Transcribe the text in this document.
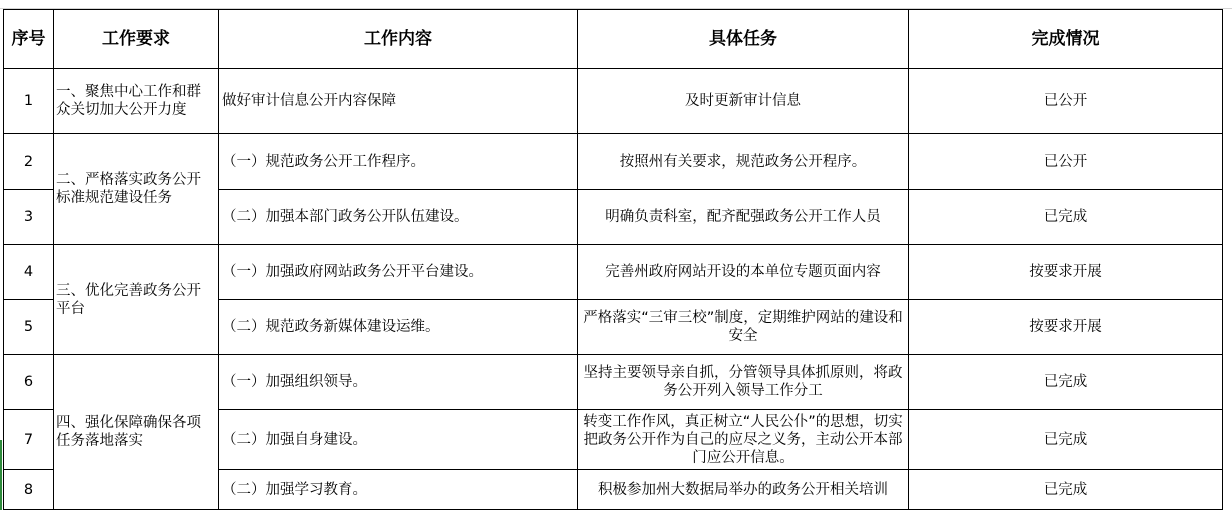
序号	工作要求	工作内容	具体任务	完成情况
1	一、聚焦中心工作和群众关切加大公开力度	做好审计信息公开内容保障	及时更新审计信息	已公开
2	二、严格落实政务公开标准规范建设任务	（一）规范政务公开工作程序。	按照州有关要求，规范政务公开程序。	已公开
3		（二）加强本部门政务公开队伍建设。	明确负责科室，配齐配强政务公开工作人员	已完成
4	三、优化完善政务公开平台	（一）加强政府网站政务公开平台建设。	完善州政府网站开设的本单位专题页面内容	按要求开展
5		（二）规范政务新媒体建设运维。	严格落实“三审三校”制度，定期维护网站的建设和安全	按要求开展
6	四、强化保障确保各项任务落地落实	（一）加强组织领导。	坚持主要领导亲自抓，分管领导具体抓原则，将政务公开列入领导工作分工	已完成
7		（二）加强自身建设。	转变工作作风，真正树立“人民公仆”的思想，切实把政务公开作为自己的应尽之义务，主动公开本部门应公开信息。	已完成
8		（二）加强学习教育。	积极参加州大数据局举办的政务公开相关培训	已完成
